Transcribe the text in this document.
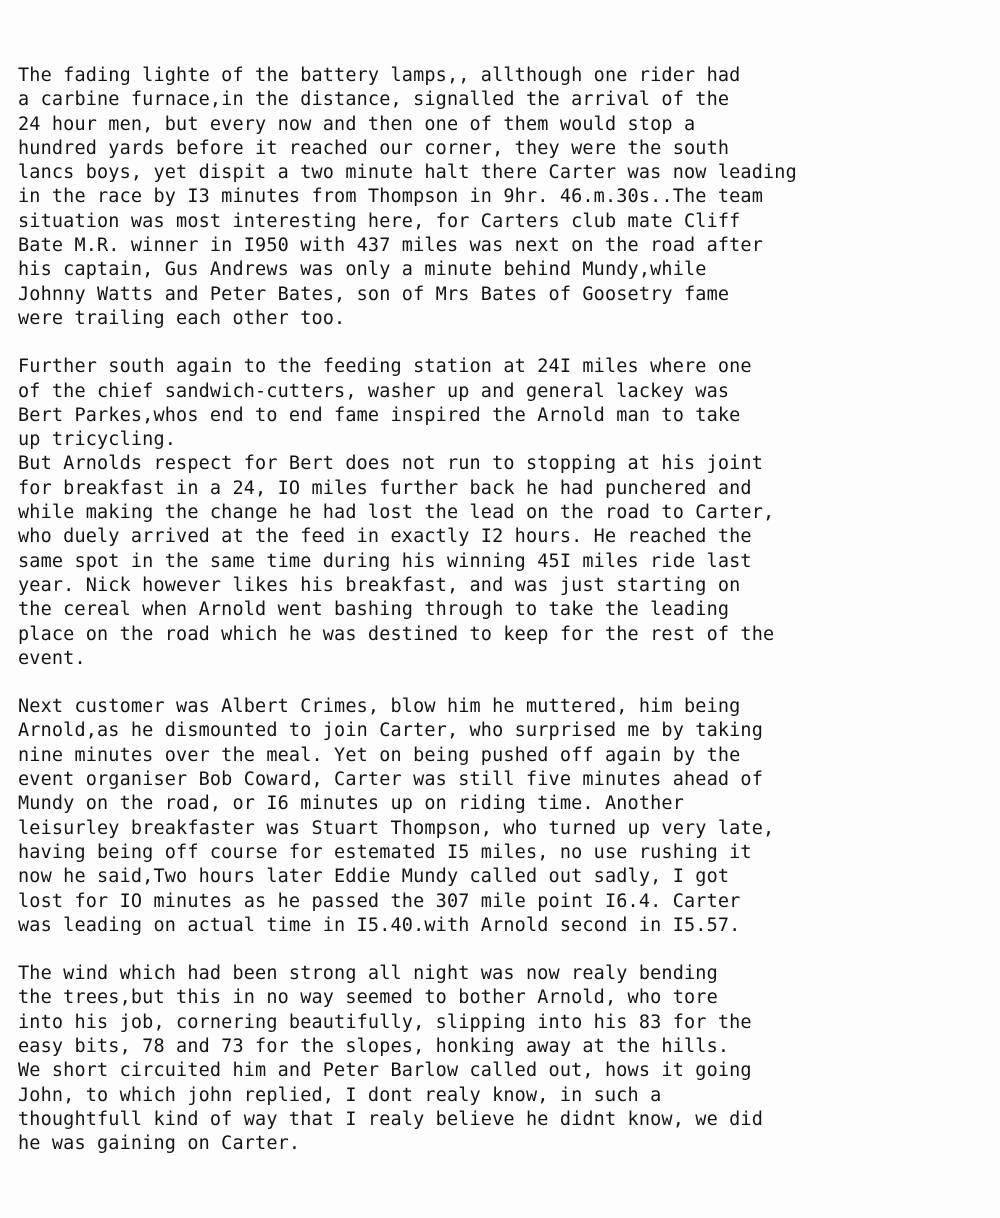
The fading lighte of the battery lamps,, allthough one rider had
a carbine furnace,in the distance, signalled the arrival of the
24 hour men, but every now and then one of them would stop a
hundred yards before it reached our corner, they were the south
lancs boys, yet dispit a two minute halt there Carter was now leading
in the race by I3 minutes from Thompson in 9hr. 46.m.30s..The team
situation was most interesting here, for Carters club mate Cliff
Bate M.R. winner in I950 with 437 miles was next on the road after
his captain, Gus Andrews was only a minute behind Mundy,while
Johnny Watts and Peter Bates, son of Mrs Bates of Goosetry fame
were trailing each other too.
Further south again to the feeding station at 24I miles where one
of the chief sandwich-cutters, washer up and general lackey was
Bert Parkes,whos end to end fame inspired the Arnold man to take
up tricycling.
But Arnolds respect for Bert does not run to stopping at his joint
for breakfast in a 24, IO miles further back he had punchered and
while making the change he had lost the lead on the road to Carter,
who duely arrived at the feed in exactly I2 hours. He reached the
same spot in the same time during his winning 45I miles ride last
year. Nick however likes his breakfast, and was just starting on
the cereal when Arnold went bashing through to take the leading
place on the road which he was destined to keep for the rest of the
event.
Next customer was Albert Crimes, blow him he muttered, him being
Arnold,as he dismounted to join Carter, who surprised me by taking
nine minutes over the meal. Yet on being pushed off again by the
event organiser Bob Coward, Carter was still five minutes ahead of
Mundy on the road, or I6 minutes up on riding time. Another
leisurley breakfaster was Stuart Thompson, who turned up very late,
having being off course for estemated I5 miles, no use rushing it
now he said,Two hours later Eddie Mundy called out sadly, I got
lost for IO minutes as he passed the 307 mile point I6.4. Carter
was leading on actual time in I5.40.with Arnold second in I5.57.
The wind which had been strong all night was now realy bending
the trees,but this in no way seemed to bother Arnold, who tore
into his job, cornering beautifully, slipping into his 83 for the
easy bits, 78 and 73 for the slopes, honking away at the hills.
We short circuited him and Peter Barlow called out, hows it going
John, to which john replied, I dont realy know, in such a
thoughtfull kind of way that I realy believe he didnt know, we did
he was gaining on Carter.
